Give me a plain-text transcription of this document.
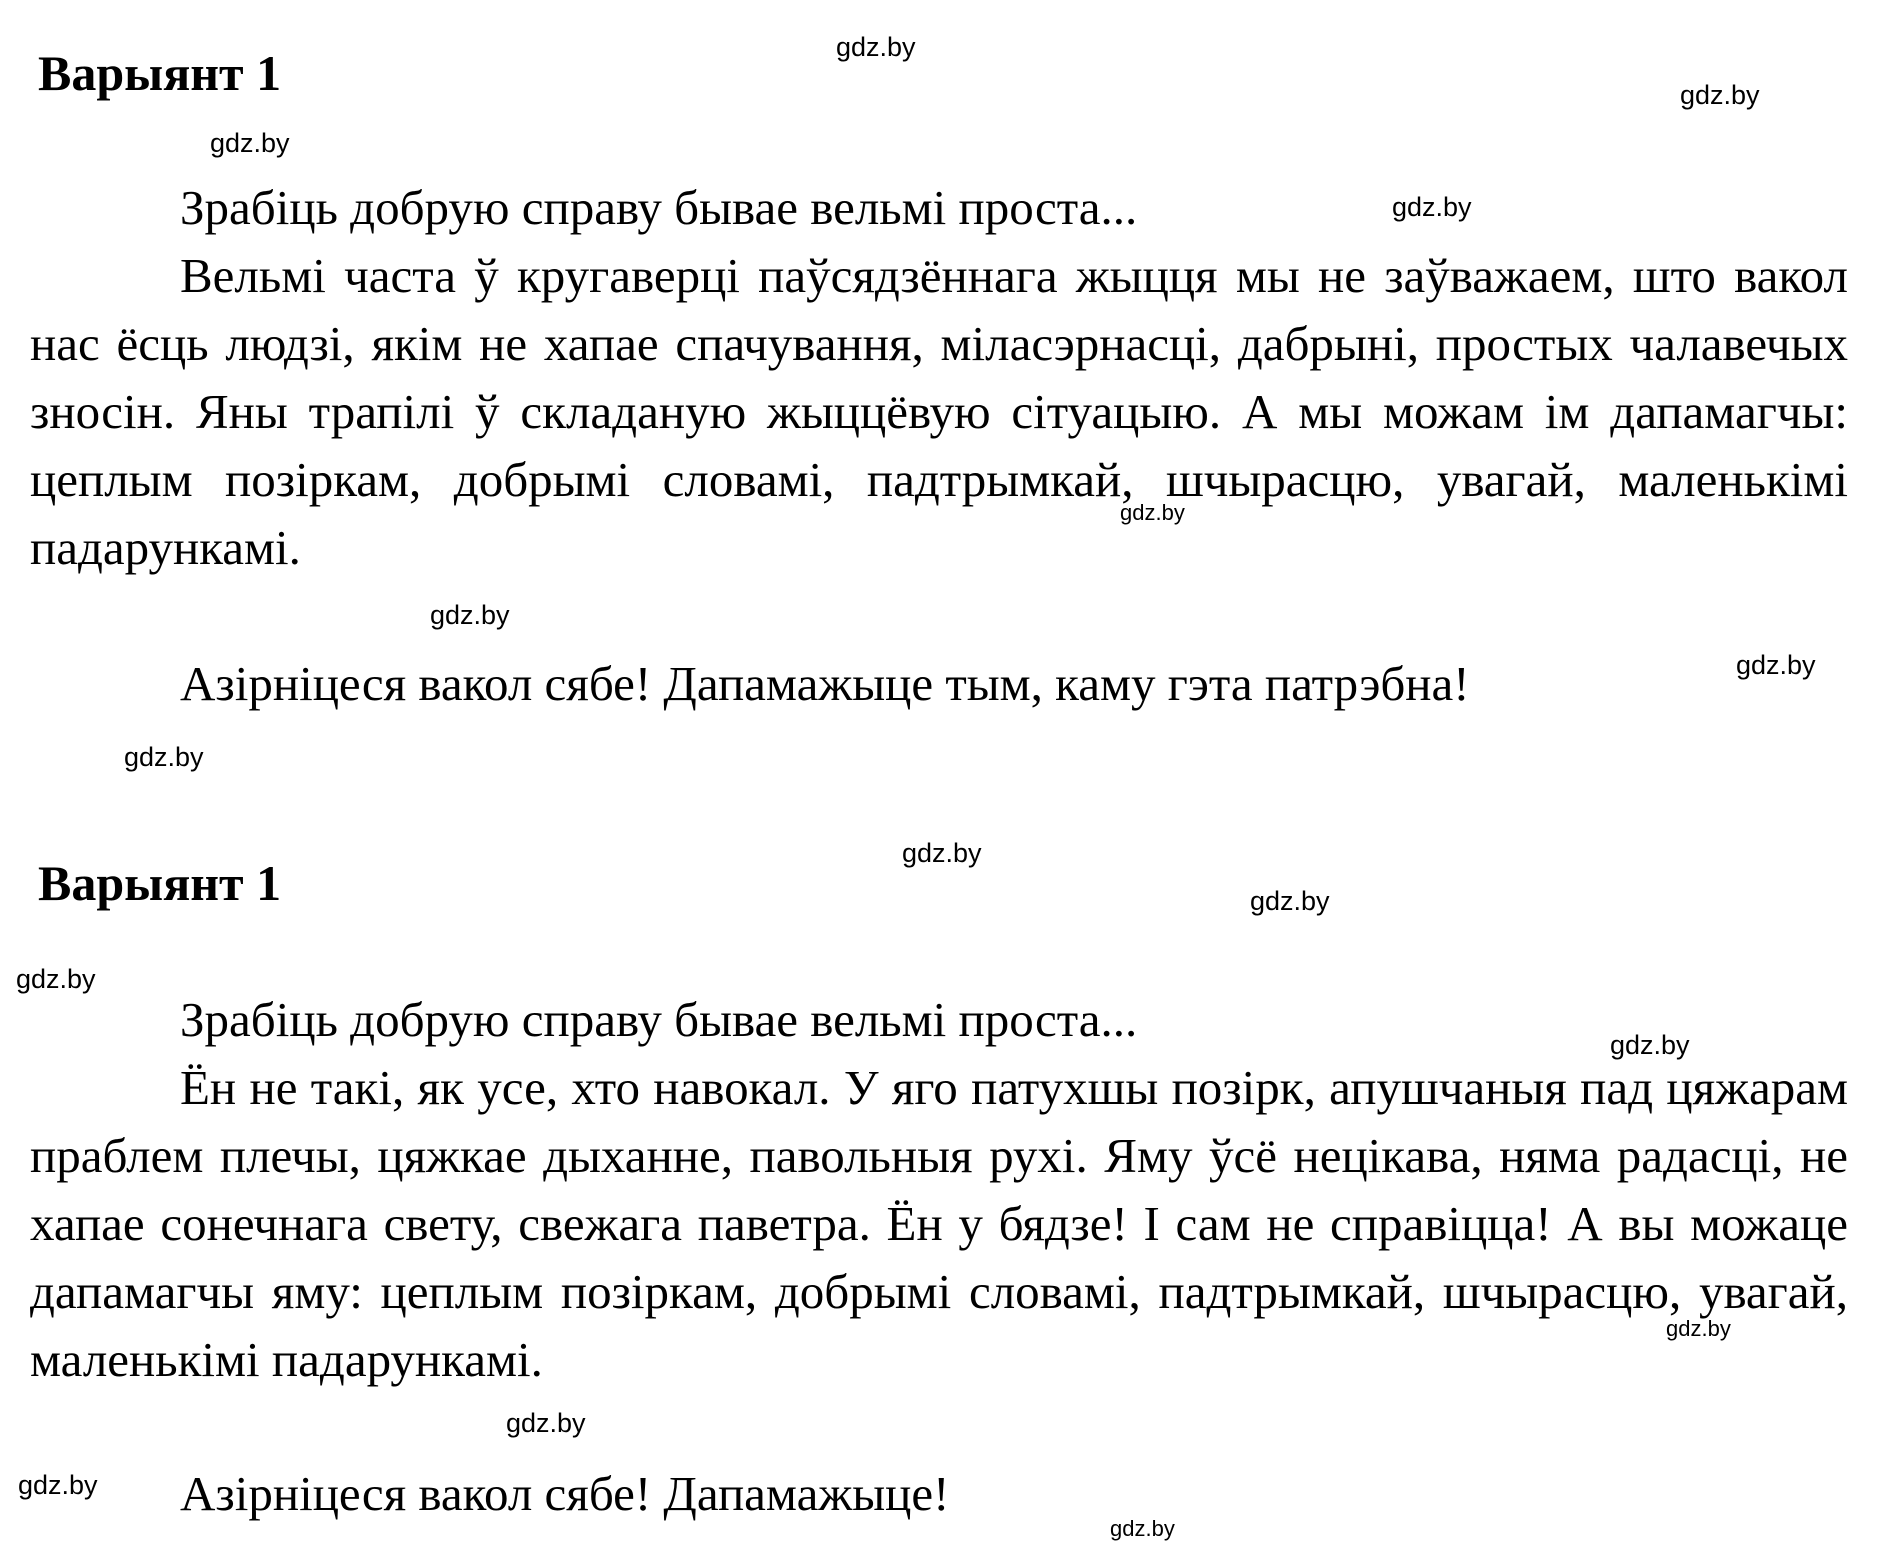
Варыянт 1

Зрабіць добрую справу бывае вельмі проста...

Вельмі часта ў кругаверці паўсядзённага жыцця мы не заўважаем, што вакол нас ёсць людзі, якім не хапае спачування, міласэрнасці, дабрыні, простых чалавечых зносін. Яны трапілі ў складаную жыццёвую сітуацыю. А мы можам ім дапамагчы: цеплым позіркам, добрымі словамі, падтрымкай, шчырасцю, увагай, маленькімі падарункамі.

Азірніцеся вакол сябе! Дапамажыце тым, каму гэта патрэбна!

Варыянт 1

Зрабіць добрую справу бывае вельмі проста...

Ён не такі, як усе, хто навокал. У яго патухшы позірк, апушчаныя пад цяжарам праблем плечы, цяжкае дыханне, павольныя рухі. Яму ўсё нецікава, няма радасці, не хапае сонечнага свету, свежага паветра. Ён у бядзе! І сам не справіцца! А вы можаце дапамагчы яму: цеплым позіркам, добрымі словамі, падтрымкай, шчырасцю, увагай, маленькімі падарункамі.

Азірніцеся вакол сябе! Дапамажыце!

gdz.by
gdz.by
gdz.by
gdz.by
gdz.by
gdz.by
gdz.by
gdz.by
gdz.by
gdz.by
gdz.by
gdz.by
gdz.by
gdz.by
gdz.by
gdz.by
